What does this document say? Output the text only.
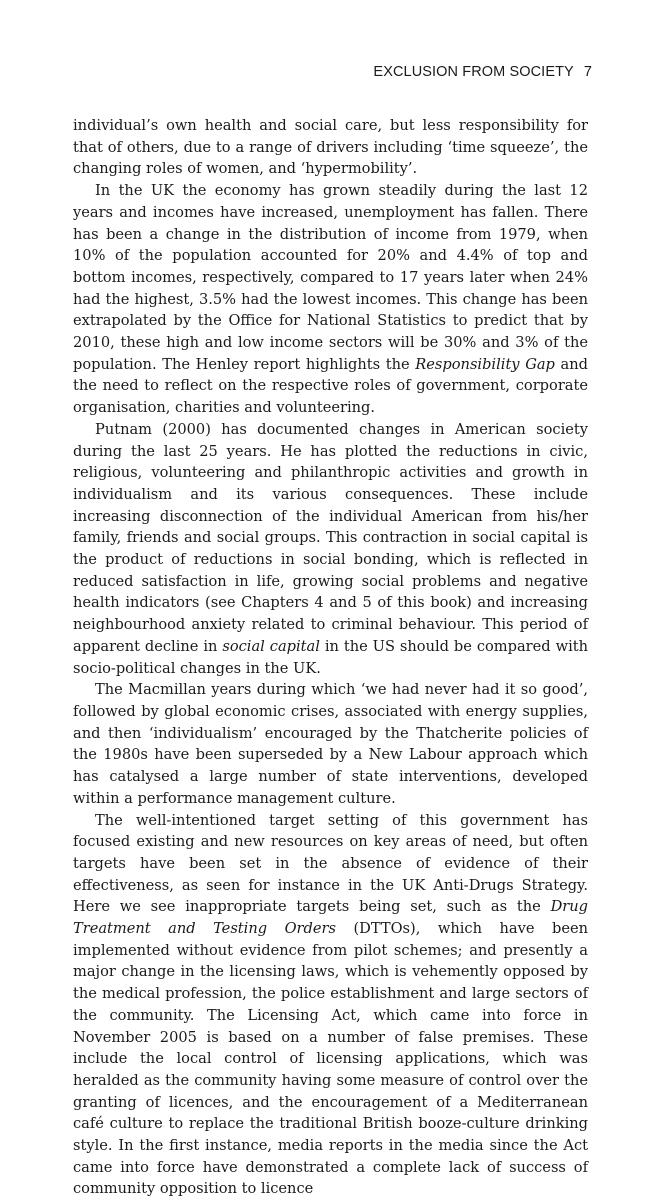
EXCLUSION FROM SOCIETY 7

individual’s own health and social care, but less responsibility for that of others, due to a range of drivers including ‘time squeeze’, the changing roles of women, and ‘hypermobility’.

In the UK the economy has grown steadily during the last 12 years and incomes have increased, unemployment has fallen. There has been a change in the distribution of income from 1979, when 10% of the population accounted for 20% and 4.4% of top and bottom incomes, respectively, compared to 17 years later when 24% had the highest, 3.5% had the lowest incomes. This change has been extrapolated by the Office for National Statistics to predict that by 2010, these high and low income sectors will be 30% and 3% of the population. The Henley report highlights the Responsibility Gap and the need to reflect on the respective roles of government, corporate organisation, charities and volunteering.

Putnam (2000) has documented changes in American society during the last 25 years. He has plotted the reductions in civic, religious, volunteering and philanthropic activities and growth in individualism and its various consequences. These include increasing disconnection of the individual American from his/her family, friends and social groups. This contraction in social capital is the product of reductions in social bonding, which is reflected in reduced satisfaction in life, growing social problems and negative health indicators (see Chapters 4 and 5 of this book) and increasing neighbourhood anxiety related to criminal behaviour. This period of apparent decline in social capital in the US should be compared with socio-political changes in the UK.

The Macmillan years during which ‘we had never had it so good’, followed by global economic crises, associated with energy supplies, and then ‘individualism’ encouraged by the Thatcherite policies of the 1980s have been superseded by a New Labour approach which has catalysed a large number of state interventions, developed within a performance management culture.

The well-intentioned target setting of this government has focused existing and new resources on key areas of need, but often targets have been set in the absence of evidence of their effectiveness, as seen for instance in the UK Anti-Drugs Strategy. Here we see inappropriate targets being set, such as the Drug Treatment and Testing Orders (DTTOs), which have been implemented without evidence from pilot schemes; and presently a major change in the licensing laws, which is vehemently opposed by the medical profession, the police establishment and large sectors of the community. The Licensing Act, which came into force in November 2005 is based on a number of false premises. These include the local control of licensing applications, which was heralded as the community having some measure of control over the granting of licences, and the encouragement of a Mediterranean café culture to replace the traditional British booze-culture drinking style. In the first instance, media reports in the media since the Act came into force have demonstrated a complete lack of success of community opposition to licence
